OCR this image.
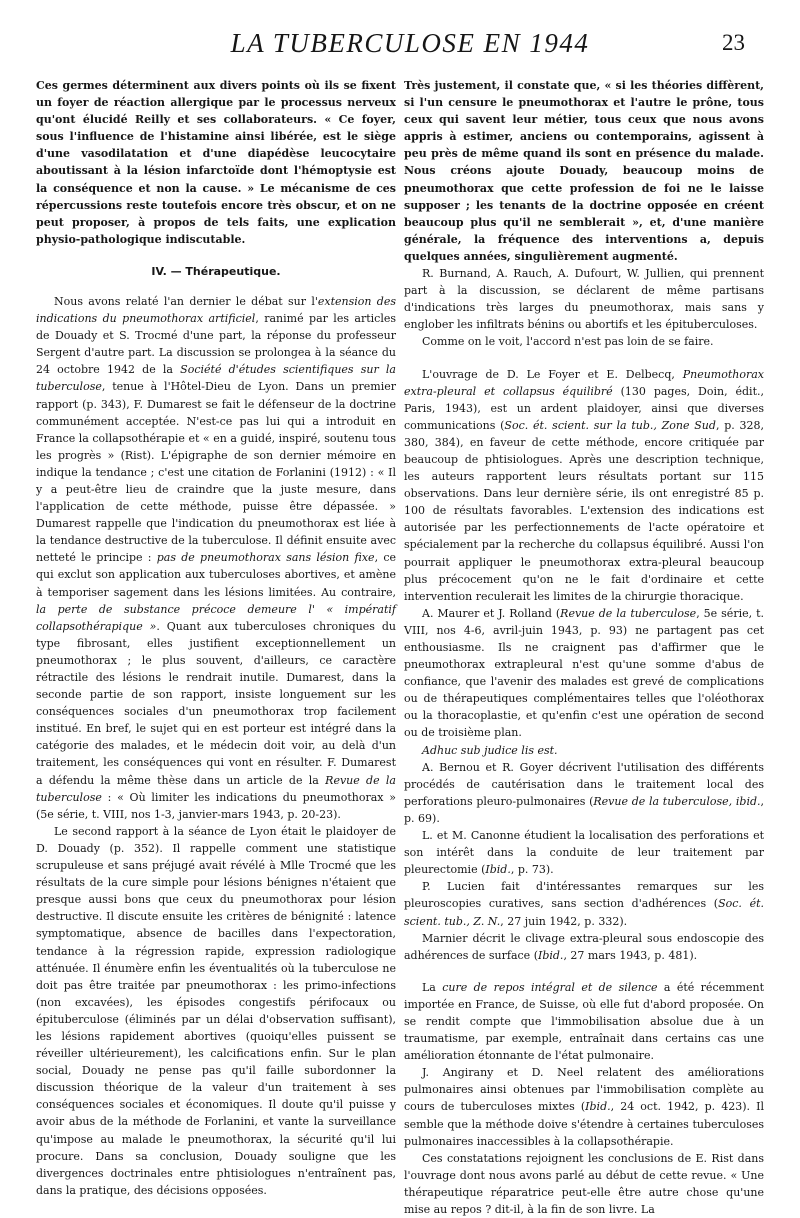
LA TUBERCULOSE EN 1944	23

Ces germes déterminent aux divers points où ils se fixent un foyer de réaction allergique par le processus nerveux qu'ont élucidé Reilly et ses collaborateurs. « Ce foyer, sous l'influence de l'histamine ainsi libérée, est le siège d'une vasodilatation et d'une diapédèse leucocytaire aboutissant à la lésion infarctoïde dont l'hémoptysie est la conséquence et non la cause. » Le mécanisme de ces répercussions reste toutefois encore très obscur, et on ne peut proposer, à propos de tels faits, une explication physio-pathologique indiscutable.

IV. — Thérapeutique.

Nous avons relaté l'an dernier le débat sur l'extension des indications du pneumothorax artificiel, ranimé par les articles de Douady et S. Trocmé d'une part, la réponse du professeur Sergent d'autre part. La discussion se prolongea à la séance du 24 octobre 1942 de la Société d'études scientifiques sur la tuberculose, tenue à l'Hôtel-Dieu de Lyon. Dans un premier rapport (p. 343), F. Dumarest se fait le défenseur de la doctrine communément acceptée. N'est-ce pas lui qui a introduit en France la collapsothérapie et « en a guidé, inspiré, soutenu tous les progrès » (Rist). L'épigraphe de son dernier mémoire en indique la tendance ; c'est une citation de Forlanini (1912) : « Il y a peut-être lieu de craindre que la juste mesure, dans l'application de cette méthode, puisse être dépassée. » Dumarest rappelle que l'indication du pneumothorax est liée à la tendance destructive de la tuberculose. Il définit ensuite avec netteté le principe : pas de pneumothorax sans lésion fixe, ce qui exclut son application aux tuberculoses abortives, et amène à temporiser sagement dans les lésions limitées. Au contraire, la perte de substance précoce demeure l' « impératif collapsothérapique ». Quant aux tuberculoses chroniques du type fibrosant, elles justifient exceptionnellement un pneumothorax ; le plus souvent, d'ailleurs, ce caractère rétractile des lésions le rendrait inutile. Dumarest, dans la seconde partie de son rapport, insiste longuement sur les conséquences sociales d'un pneumothorax trop facilement institué. En bref, le sujet qui en est porteur est intégré dans la catégorie des malades, et le médecin doit voir, au delà d'un traitement, les conséquences qui vont en résulter. F. Dumarest a défendu la même thèse dans un article de la Revue de la tuberculose : « Où limiter les indications du pneumothorax » (5e série, t. VIII, nos 1-3, janvier-mars 1943, p. 20-23).

Le second rapport à la séance de Lyon était le plaidoyer de D. Douady (p. 352). Il rappelle comment une statistique scrupuleuse et sans préjugé avait révélé à Mlle Trocmé que les résultats de la cure simple pour lésions bénignes n'étaient que presque aussi bons que ceux du pneumothorax pour lésion destructive. Il discute ensuite les critères de bénignité : latence symptomatique, absence de bacilles dans l'expectoration, tendance à la régression rapide, expression radiologique atténuée. Il énumère enfin les éventualités où la tuberculose ne doit pas être traitée par pneumothorax : les primo-infections (non excavées), les épisodes congestifs périfocaux ou épituberculose (éliminés par un délai d'observation suffisant), les lésions rapidement abortives (quoiqu'elles puissent se réveiller ultérieurement), les calcifications enfin. Sur le plan social, Douady ne pense pas qu'il faille subordonner la discussion théorique de la valeur d'un traitement à ses conséquences sociales et économiques. Il doute qu'il puisse y avoir abus de la méthode de Forlanini, et vante la surveillance qu'impose au malade le pneumothorax, la sécurité qu'il lui procure. Dans sa conclusion, Douady souligne que les divergences doctrinales entre phtisiologues n'entraînent pas, dans la pratique, des décisions opposées.

Très justement, il constate que, « si les théories diffèrent, si l'un censure le pneumothorax et l'autre le prône, tous ceux qui savent leur métier, tous ceux que nous avons appris à estimer, anciens ou contemporains, agissent à peu près de même quand ils sont en présence du malade. Nous créons ajoute Douady, beaucoup moins de pneumothorax que cette profession de foi ne le laisse supposer ; les tenants de la doctrine opposée en créent beaucoup plus qu'il ne semblerait », et, d'une manière générale, la fréquence des interventions a, depuis quelques années, singulièrement augmenté.

R. Burnand, A. Rauch, A. Dufourt, W. Jullien, qui prennent part à la discussion, se déclarent de même partisans d'indications très larges du pneumothorax, mais sans y englober les infiltrats bénins ou abortifs et les épituberculoses.

Comme on le voit, l'accord n'est pas loin de se faire.

L'ouvrage de D. Le Foyer et E. Delbecq, Pneumothorax extra-pleural et collapsus équilibré (130 pages, Doin, édit., Paris, 1943), est un ardent plaidoyer, ainsi que diverses communications (Soc. ét. scient. sur la tub., Zone Sud, p. 328, 380, 384), en faveur de cette méthode, encore critiquée par beaucoup de phtisiologues. Après une description technique, les auteurs rapportent leurs résultats portant sur 115 observations. Dans leur dernière série, ils ont enregistré 85 p. 100 de résultats favorables. L'extension des indications est autorisée par les perfectionnements de l'acte opératoire et spécialement par la recherche du collapsus équilibré. Aussi l'on pourrait appliquer le pneumothorax extra-pleural beaucoup plus précocement qu'on ne le fait d'ordinaire et cette intervention reculerait les limites de la chirurgie thoracique.

A. Maurer et J. Rolland (Revue de la tuberculose, 5e série, t. VIII, nos 4-6, avril-juin 1943, p. 93) ne partagent pas cet enthousiasme. Ils ne craignent pas d'affirmer que le pneumothorax extrapleural n'est qu'une somme d'abus de confiance, que l'avenir des malades est grevé de complications ou de thérapeutiques complémentaires telles que l'oléothorax ou la thoracoplastie, et qu'enfin c'est une opération de second ou de troisième plan.

Adhuc sub judice lis est.

A. Bernou et R. Goyer décrivent l'utilisation des différents procédés de cautérisation dans le traitement local des perforations pleuro-pulmonaires (Revue de la tuberculose, ibid., p. 69).

L. et M. Canonne étudient la localisation des perforations et son intérêt dans la conduite de leur traitement par pleurectomie (Ibid., p. 73).

P. Lucien fait d'intéressantes remarques sur les pleuroscopies curatives, sans section d'adhérences (Soc. ét. scient. tub., Z. N., 27 juin 1942, p. 332).

Marnier décrit le clivage extra-pleural sous endoscopie des adhérences de surface (Ibid., 27 mars 1943, p. 481).

La cure de repos intégral et de silence a été récemment importée en France, de Suisse, où elle fut d'abord proposée. On se rendit compte que l'immobilisation absolue due à un traumatisme, par exemple, entraînait dans certains cas une amélioration étonnante de l'état pulmonaire.

J. Angirany et D. Neel relatent des améliorations pulmonaires ainsi obtenues par l'immobilisation complète au cours de tuberculoses mixtes (Ibid., 24 oct. 1942, p. 423). Il semble que la méthode doive s'étendre à certaines tuberculoses pulmonaires inaccessibles à la collapsothérapie.

Ces constatations rejoignent les conclusions de E. Rist dans l'ouvrage dont nous avons parlé au début de cette revue. « Une thérapeutique réparatrice peut-elle être autre chose qu'une mise au repos ? dit-il, à la fin de son livre. La
